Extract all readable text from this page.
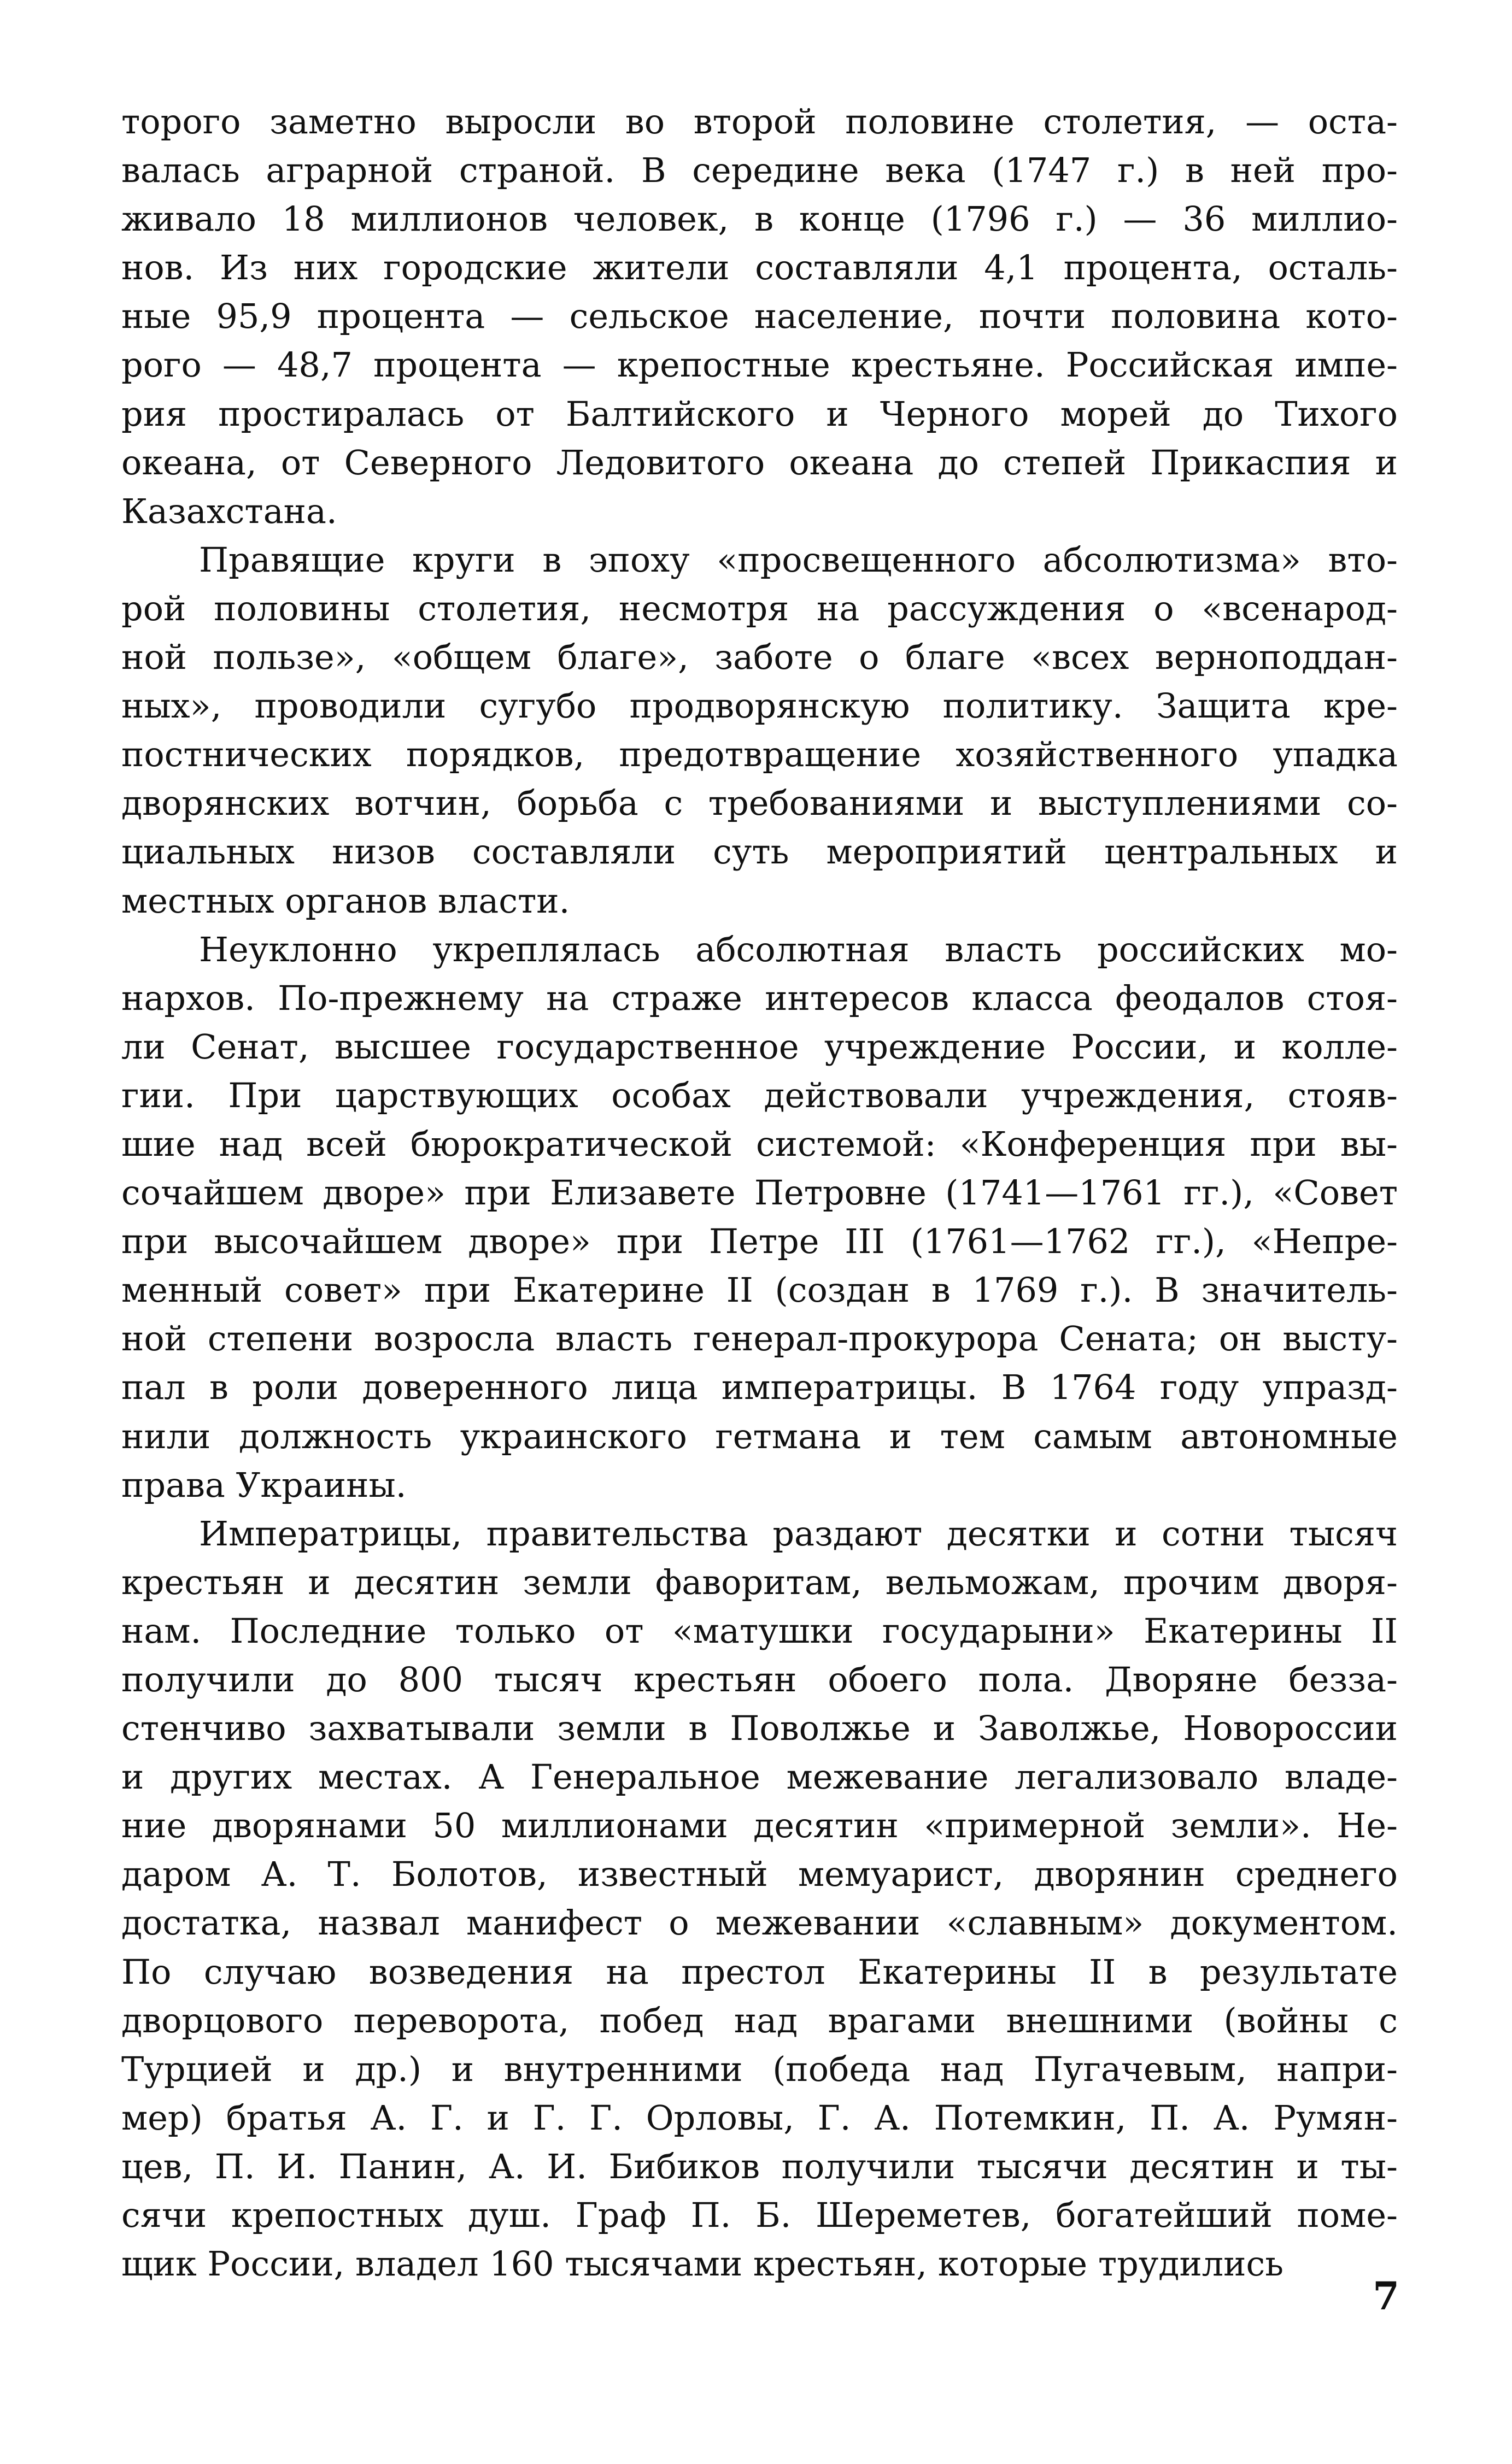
торого заметно выросли во второй половине столетия, — оста-
валась аграрной страной. В середине века (1747 г.) в ней про-
живало 18 миллионов человек, в конце (1796 г.) — 36 миллио-
нов. Из них городские жители составляли 4,1 процента, осталь-
ные 95,9 процента — сельское население, почти половина кото-
рого — 48,7 процента — крепостные крестьяне. Российская импе-
рия простиралась от Балтийского и Черного морей до Тихого
океана, от Северного Ледовитого океана до степей Прикаспия и
Казахстана.
Правящие круги в эпоху «просвещенного абсолютизма» вто-
рой половины столетия, несмотря на рассуждения о «всенарод-
ной пользе», «общем благе», заботе о благе «всех верноподдан-
ных», проводили сугубо продворянскую политику. Защита кре-
постнических порядков, предотвращение хозяйственного упадка
дворянских вотчин, борьба с требованиями и выступлениями со-
циальных низов составляли суть мероприятий центральных и
местных органов власти.
Неуклонно укреплялась абсолютная власть российских мо-
нархов. По-прежнему на страже интересов класса феодалов стоя-
ли Сенат, высшее государственное учреждение России, и колле-
гии. При царствующих особах действовали учреждения, стояв-
шие над всей бюрократической системой: «Конференция при вы-
сочайшем дворе» при Елизавете Петровне (1741—1761 гг.), «Совет
при высочайшем дворе» при Петре III (1761—1762 гг.), «Непре-
менный совет» при Екатерине II (создан в 1769 г.). В значитель-
ной степени возросла власть генерал-прокурора Сената; он высту-
пал в роли доверенного лица императрицы. В 1764 году упразд-
нили должность украинского гетмана и тем самым автономные
права Украины.
Императрицы, правительства раздают десятки и сотни тысяч
крестьян и десятин земли фаворитам, вельможам, прочим дворя-
нам. Последние только от «матушки государыни» Екатерины II
получили до 800 тысяч крестьян обоего пола. Дворяне безза-
стенчиво захватывали земли в Поволжье и Заволжье, Новороссии
и других местах. А Генеральное межевание легализовало владе-
ние дворянами 50 миллионами десятин «примерной земли». Не-
даром А. Т. Болотов, известный мемуарист, дворянин среднего
достатка, назвал манифест о межевании «славным» документом.
По случаю возведения на престол Екатерины II в результате
дворцового переворота, побед над врагами внешними (войны с
Турцией и др.) и внутренними (победа над Пугачевым, напри-
мер) братья А. Г. и Г. Г. Орловы, Г. А. Потемкин, П. А. Румян-
цев, П. И. Панин, А. И. Бибиков получили тысячи десятин и ты-
сячи крепостных душ. Граф П. Б. Шереметев, богатейший поме-
щик России, владел 160 тысячами крестьян, которые трудились
7
